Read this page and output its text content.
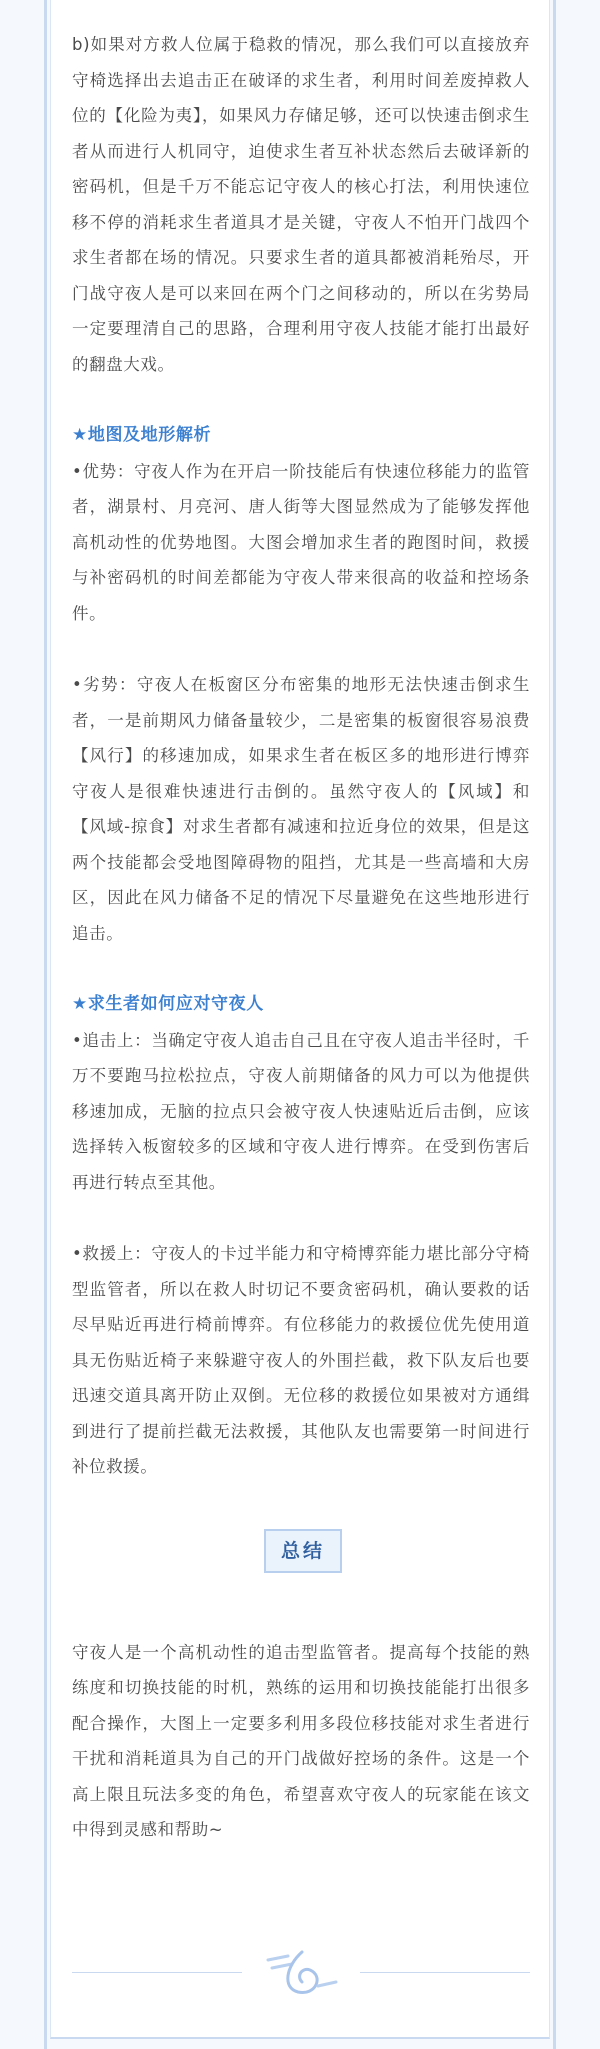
b)如果对方救人位属于稳救的情况，那么我们可以直接放弃守椅选择出去追击正在破译的求生者，利用时间差废掉救人位的【化险为夷】，如果风力存储足够，还可以快速击倒求生者从而进行人机同守，迫使求生者互补状态然后去破译新的密码机，但是千万不能忘记守夜人的核心打法，利用快速位移不停的消耗求生者道具才是关键，守夜人不怕开门战四个求生者都在场的情况。只要求生者的道具都被消耗殆尽，开门战守夜人是可以来回在两个门之间移动的，所以在劣势局一定要理清自己的思路，合理利用守夜人技能才能打出最好的翻盘大戏。

★地图及地形解析

•优势：守夜人作为在开启一阶技能后有快速位移能力的监管者，湖景村、月亮河、唐人街等大图显然成为了能够发挥他高机动性的优势地图。大图会增加求生者的跑图时间，救援与补密码机的时间差都能为守夜人带来很高的收益和控场条件。

•劣势：守夜人在板窗区分布密集的地形无法快速击倒求生者，一是前期风力储备量较少，二是密集的板窗很容易浪费【风行】的移速加成，如果求生者在板区多的地形进行博弈守夜人是很难快速进行击倒的。虽然守夜人的【风域】和【风域-掠食】对求生者都有减速和拉近身位的效果，但是这两个技能都会受地图障碍物的阻挡，尤其是一些高墙和大房区，因此在风力储备不足的情况下尽量避免在这些地形进行追击。

★求生者如何应对守夜人

•追击上：当确定守夜人追击自己且在守夜人追击半径时，千万不要跑马拉松拉点，守夜人前期储备的风力可以为他提供移速加成，无脑的拉点只会被守夜人快速贴近后击倒，应该选择转入板窗较多的区域和守夜人进行博弈。在受到伤害后再进行转点至其他。

•救援上：守夜人的卡过半能力和守椅博弈能力堪比部分守椅型监管者，所以在救人时切记不要贪密码机，确认要救的话尽早贴近再进行椅前博弈。有位移能力的救援位优先使用道具无伤贴近椅子来躲避守夜人的外围拦截，救下队友后也要迅速交道具离开防止双倒。无位移的救援位如果被对方通缉到进行了提前拦截无法救援，其他队友也需要第一时间进行补位救援。

总结

守夜人是一个高机动性的追击型监管者。提高每个技能的熟练度和切换技能的时机，熟练的运用和切换技能能打出很多配合操作，大图上一定要多利用多段位移技能对求生者进行干扰和消耗道具为自己的开门战做好控场的条件。这是一个高上限且玩法多变的角色，希望喜欢守夜人的玩家能在该文中得到灵感和帮助~
